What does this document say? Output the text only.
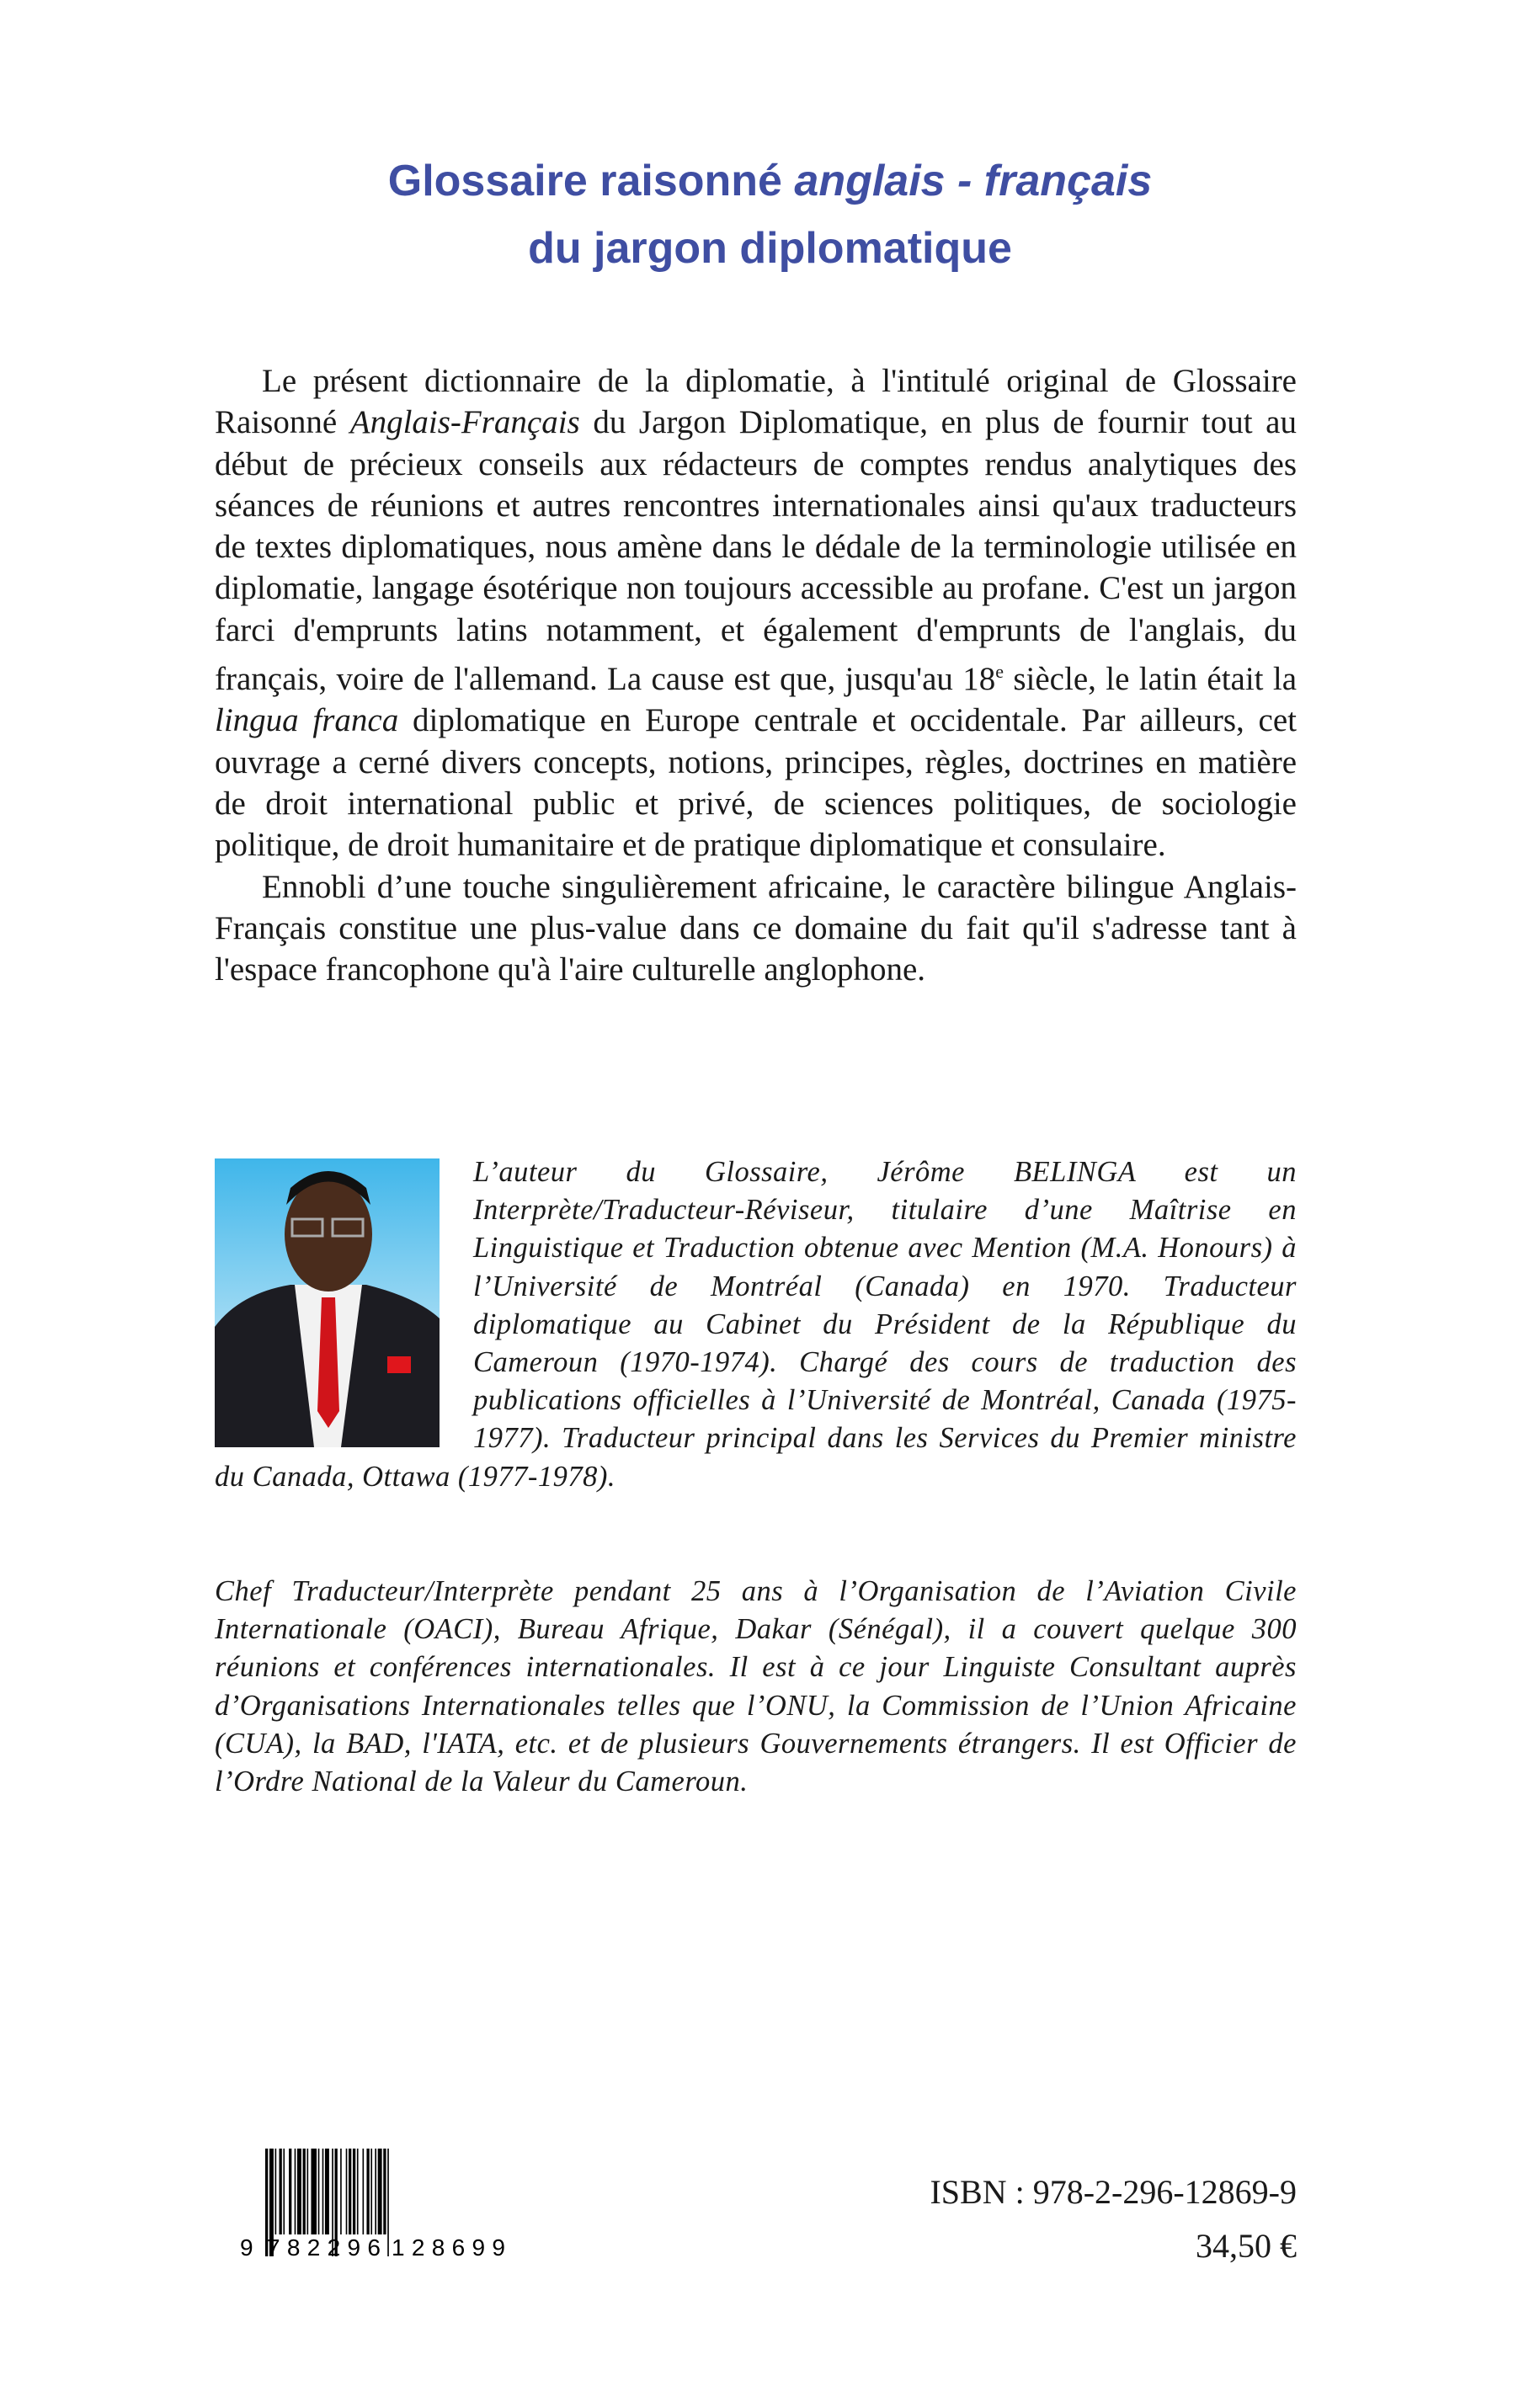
Glossaire raisonné anglais - français
du jargon diplomatique

Le présent dictionnaire de la diplomatie, à l'intitulé original de Glossaire Raisonné Anglais-Français du Jargon Diplomatique, en plus de fournir tout au début de précieux conseils aux rédacteurs de comptes rendus analytiques des séances de réunions et autres rencontres internationales ainsi qu'aux traducteurs de textes diplomatiques, nous amène dans le dédale de la terminologie utilisée en diplomatie, langage ésotérique non toujours accessible au profane. C'est un jargon farci d'emprunts latins notamment, et également d'emprunts de l'anglais, du français, voire de l'allemand. La cause est que, jusqu'au 18e siècle, le latin était la lingua franca diplomatique en Europe centrale et occidentale. Par ailleurs, cet ouvrage a cerné divers concepts, notions, principes, règles, doctrines en matière de droit international public et privé, de sciences politiques, de sociologie politique, de droit humanitaire et de pratique diplomatique et consulaire.

Ennobli d’une touche singulièrement africaine, le caractère bilingue Anglais-Français constitue une plus-value dans ce domaine du fait qu'il s'adresse tant à l'espace francophone qu'à l'aire culturelle anglophone.

L’auteur du Glossaire, Jérôme BELINGA est un Interprète/Traducteur-Réviseur, titulaire d’une Maîtrise en Linguistique et Traduction obtenue avec Mention (M.A. Honours) à l’Université de Montréal (Canada) en 1970. Traducteur diplomatique au Cabinet du Président de la République du Cameroun (1970-1974). Chargé des cours de traduction des publications officielles à l’Université de Montréal, Canada (1975-1977). Traducteur principal dans les Services du Premier ministre du Canada, Ottawa (1977-1978).

Chef Traducteur/Interprète pendant 25 ans à l’Organisation de l’Aviation Civile Internationale (OACI), Bureau Afrique, Dakar (Sénégal), il a couvert quelque 300 réunions et conférences internationales. Il est à ce jour Linguiste Consultant auprès d’Organisations Internationales telles que l’ONU, la Commission de l’Union Africaine (CUA), la BAD, l'IATA, etc. et de plusieurs Gouvernements étrangers. Il est Officier de l’Ordre National de la Valeur du Cameroun.
9 782296 128699
ISBN : 978-2-296-12869-9
34,50 €
